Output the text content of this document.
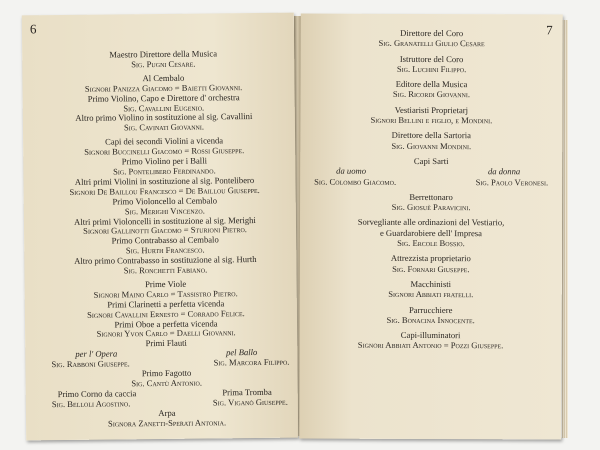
6
Maestro Direttore della Musica
Sig. Pugni Cesare.
Al Cembalo
Signori Panizza Giacomo = Baietti Giovanni.
Primo Violino, Capo e Direttore d' orchestra
Sig. Cavallini Eugenio.
Altro primo Violino in sostituzione al sig. Cavallini
Sig. Cavinati Giovanni.
Capi dei secondi Violini a vicenda
Signori Buccinelli Giacomo = Rossi Giuseppe.
Primo Violino per i Balli
Sig. Pontelibero Ferdinando.
Altri primi Violini in sostituzione al sig. Pontelibero
Signori De Baillou Francesco = De Baillou Giuseppe.
Primo Violoncello al Cembalo
Sig. Merighi Vincenzo.
Altri primi Violoncelli in sostituzione al sig. Merighi
Signori Gallinotti Giacomo = Sturioni Pietro.
Primo Contrabasso al Cembalo
Sig. Hurth Francesco.
Altro primo Contrabasso in sostituzione al sig. Hurth
Sig. Ronchetti Fabiano.
Prime Viole
Signori Maino Carlo = Tassistro Pietro.
Primi Clarinetti a perfetta vicenda
Signori Cavallini Ernesto = Corrado Felice.
Primi Oboe a perfetta vicenda
Signori Yvon Carlo = Daelli Giovanni.
Primi Flauti
per l' Opera	pel Ballo
Sig. Rabboni Giuseppe.	Sig. Marcora Filippo.
Primo Fagotto
Sig. Cantù Antonio.
Primo Corno da caccia	Prima Tromba
Sig. Belloli Agostino.	Sig. Viganò Giuseppe.
Arpa
Signora Zanetti-Sperati Antonia.
7
Direttore del Coro
Sig. Granatelli Giulio Cesare
Istruttore del Coro
Sig. Luchini Filippo.
Editore della Musica
Sig. Ricordi Giovanni.
Vestiaristi Proprietarj
Signori Bellini e figlio, e Mondini.
Direttore della Sartoria
Sig. Giovanni Mondini.
Capi Sarti
da uomo	da donna
Sig. Colombo Giacomo.	Sig. Paolo Veronesi.
Berrettonaro
Sig. Giosuè Paravicini.
Sorvegliante alle ordinazioni del Vestiario,
e Guardarobiere dell' Impresa
Sig. Ercole Bossio.
Attrezzista proprietario
Sig. Fornari Giuseppe.
Macchinisti
Signori Abbiati fratelli.
Parrucchiere
Sig. Bonacina Innocente.
Capi-illuminatori
Signori Abbiati Antonio = Pozzi Giuseppe.
